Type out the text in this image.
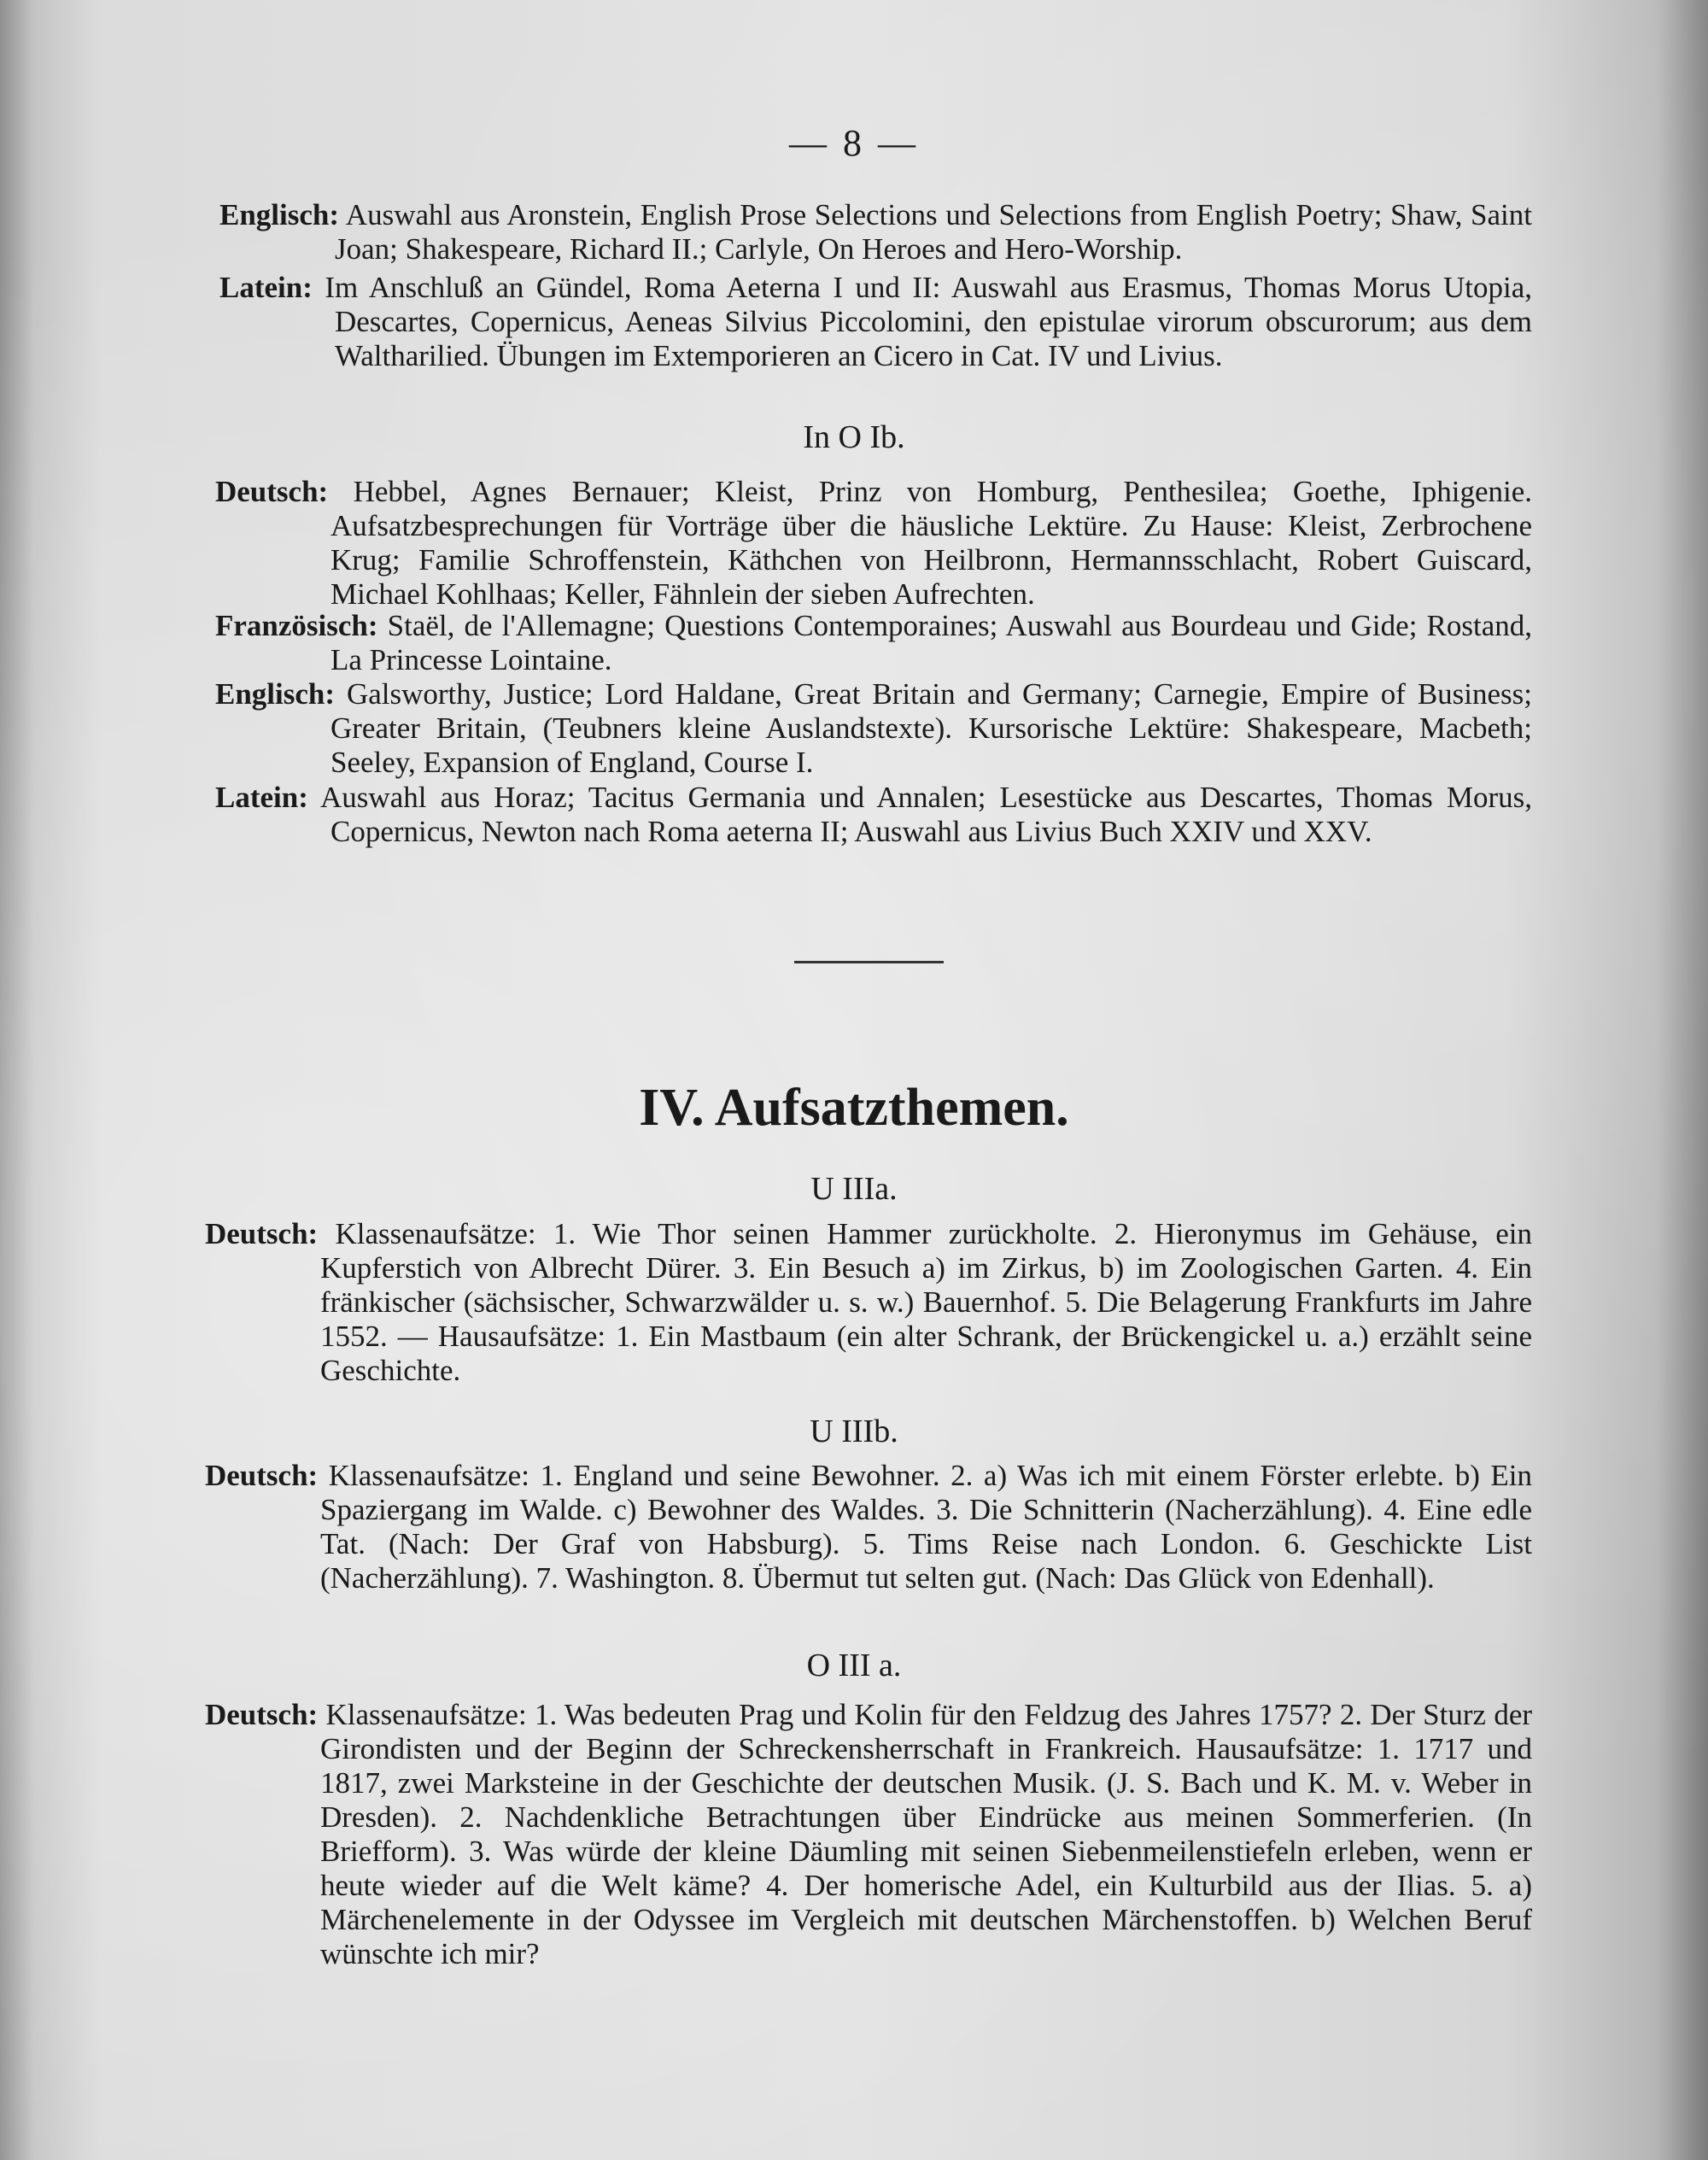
— 8 —
Englisch: Auswahl aus Aronstein, English Prose Selections und Selections from English Poetry; Shaw, Saint Joan; Shakespeare, Richard II.; Carlyle, On Heroes and Hero-Worship.
Latein: Im Anschluß an Gündel, Roma Aeterna I und II: Auswahl aus Erasmus, Thomas Morus Utopia, Descartes, Copernicus, Aeneas Silvius Piccolomini, den epistulae virorum obscurorum; aus dem Waltharilied. Übungen im Extemporieren an Cicero in Cat. IV und Livius.
In O Ib.
Deutsch: Hebbel, Agnes Bernauer; Kleist, Prinz von Homburg, Penthesilea; Goethe, Iphigenie. Aufsatzbesprechungen für Vorträge über die häusliche Lektüre. Zu Hause: Kleist, Zerbrochene Krug; Familie Schroffenstein, Käthchen von Heilbronn, Hermannsschlacht, Robert Guiscard, Michael Kohlhaas; Keller, Fähnlein der sieben Aufrechten.
Französisch: Staël, de l'Allemagne; Questions Contemporaines; Auswahl aus Bourdeau und Gide; Rostand, La Princesse Lointaine.
Englisch: Galsworthy, Justice; Lord Haldane, Great Britain and Germany; Carnegie, Empire of Business; Greater Britain, (Teubners kleine Auslandstexte). Kursorische Lektüre: Shakespeare, Macbeth; Seeley, Expansion of England, Course I.
Latein: Auswahl aus Horaz; Tacitus Germania und Annalen; Lesestücke aus Descartes, Thomas Morus, Copernicus, Newton nach Roma aeterna II; Auswahl aus Livius Buch XXIV und XXV.
IV. Aufsatzthemen.
U IIIa.
Deutsch: Klassenaufsätze: 1. Wie Thor seinen Hammer zurückholte. 2. Hieronymus im Gehäuse, ein Kupferstich von Albrecht Dürer. 3. Ein Besuch a) im Zirkus, b) im Zoologischen Garten. 4. Ein fränkischer (sächsischer, Schwarzwälder u. s. w.) Bauernhof. 5. Die Belagerung Frankfurts im Jahre 1552. — Hausaufsätze: 1. Ein Mastbaum (ein alter Schrank, der Brückengickel u. a.) erzählt seine Geschichte.
U IIIb.
Deutsch: Klassenaufsätze: 1. England und seine Bewohner. 2. a) Was ich mit einem Förster erlebte. b) Ein Spaziergang im Walde. c) Bewohner des Waldes. 3. Die Schnitterin (Nacherzählung). 4. Eine edle Tat. (Nach: Der Graf von Habsburg). 5. Tims Reise nach London. 6. Geschickte List (Nacherzählung). 7. Washington. 8. Übermut tut selten gut. (Nach: Das Glück von Edenhall).
O III a.
Deutsch: Klassenaufsätze: 1. Was bedeuten Prag und Kolin für den Feldzug des Jahres 1757? 2. Der Sturz der Girondisten und der Beginn der Schreckensherrschaft in Frankreich. Hausaufsätze: 1. 1717 und 1817, zwei Marksteine in der Geschichte der deutschen Musik. (J. S. Bach und K. M. v. Weber in Dresden). 2. Nachdenkliche Betrachtungen über Eindrücke aus meinen Sommerferien. (In Briefform). 3. Was würde der kleine Däumling mit seinen Siebenmeilenstiefeln erleben, wenn er heute wieder auf die Welt käme? 4. Der homerische Adel, ein Kulturbild aus der Ilias. 5. a) Märchenelemente in der Odyssee im Vergleich mit deutschen Märchenstoffen. b) Welchen Beruf wünschte ich mir?
